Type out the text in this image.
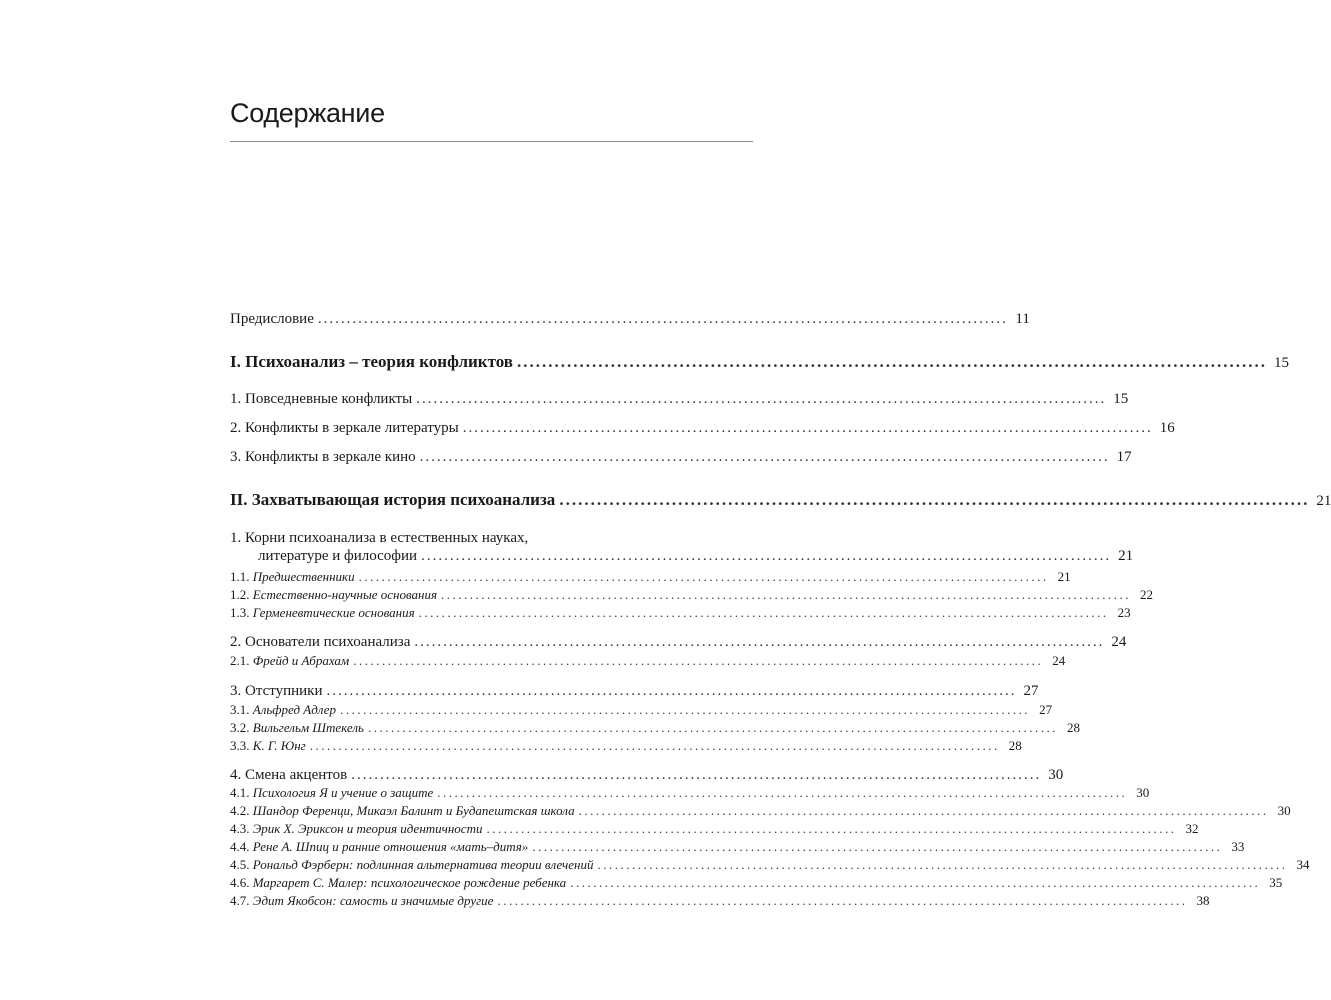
Содержание
Предисловие ........................................................................................................................ 11
I. Психоанализ – теория конфликтов ........................................................................................................................ 15
1. Повседневные конфликты ........................................................................................................................ 15
2. Конфликты в зеркале литературы ........................................................................................................................ 16
3. Конфликты в зеркале кино ........................................................................................................................ 17
II. Захватывающая история психоанализа ........................................................................................................................ 21
1. Корни психоанализа в естественных науках,
литературе и философии ........................................................................................................................ 21
1.1. Предшественники ........................................................................................................................ 21
1.2. Естественно-научные основания ........................................................................................................................ 22
1.3. Герменевтические основания ........................................................................................................................ 23
2. Основатели психоанализа ........................................................................................................................ 24
2.1. Фрейд и Абрахам ........................................................................................................................ 24
3. Отступники ........................................................................................................................ 27
3.1. Альфред Адлер ........................................................................................................................ 27
3.2. Вильгельм Штекель ........................................................................................................................ 28
3.3. К. Г. Юнг ........................................................................................................................ 28
4. Смена акцентов ........................................................................................................................ 30
4.1. Психология Я и учение о защите ........................................................................................................................ 30
4.2. Шандор Ференци, Микаэл Балинт и Будапештская школа ........................................................................................................................ 30
4.3. Эрик Х. Эриксон и теория идентичности ........................................................................................................................ 32
4.4. Рене А. Шпиц и ранние отношения «мать–дитя» ........................................................................................................................ 33
4.5. Рональд Фэрберн: подлинная альтернатива теории влечений ........................................................................................................................ 34
4.6. Маргарет С. Малер: психологическое рождение ребенка ........................................................................................................................ 35
4.7. Эдит Якобсон: самость и значимые другие ........................................................................................................................ 38
